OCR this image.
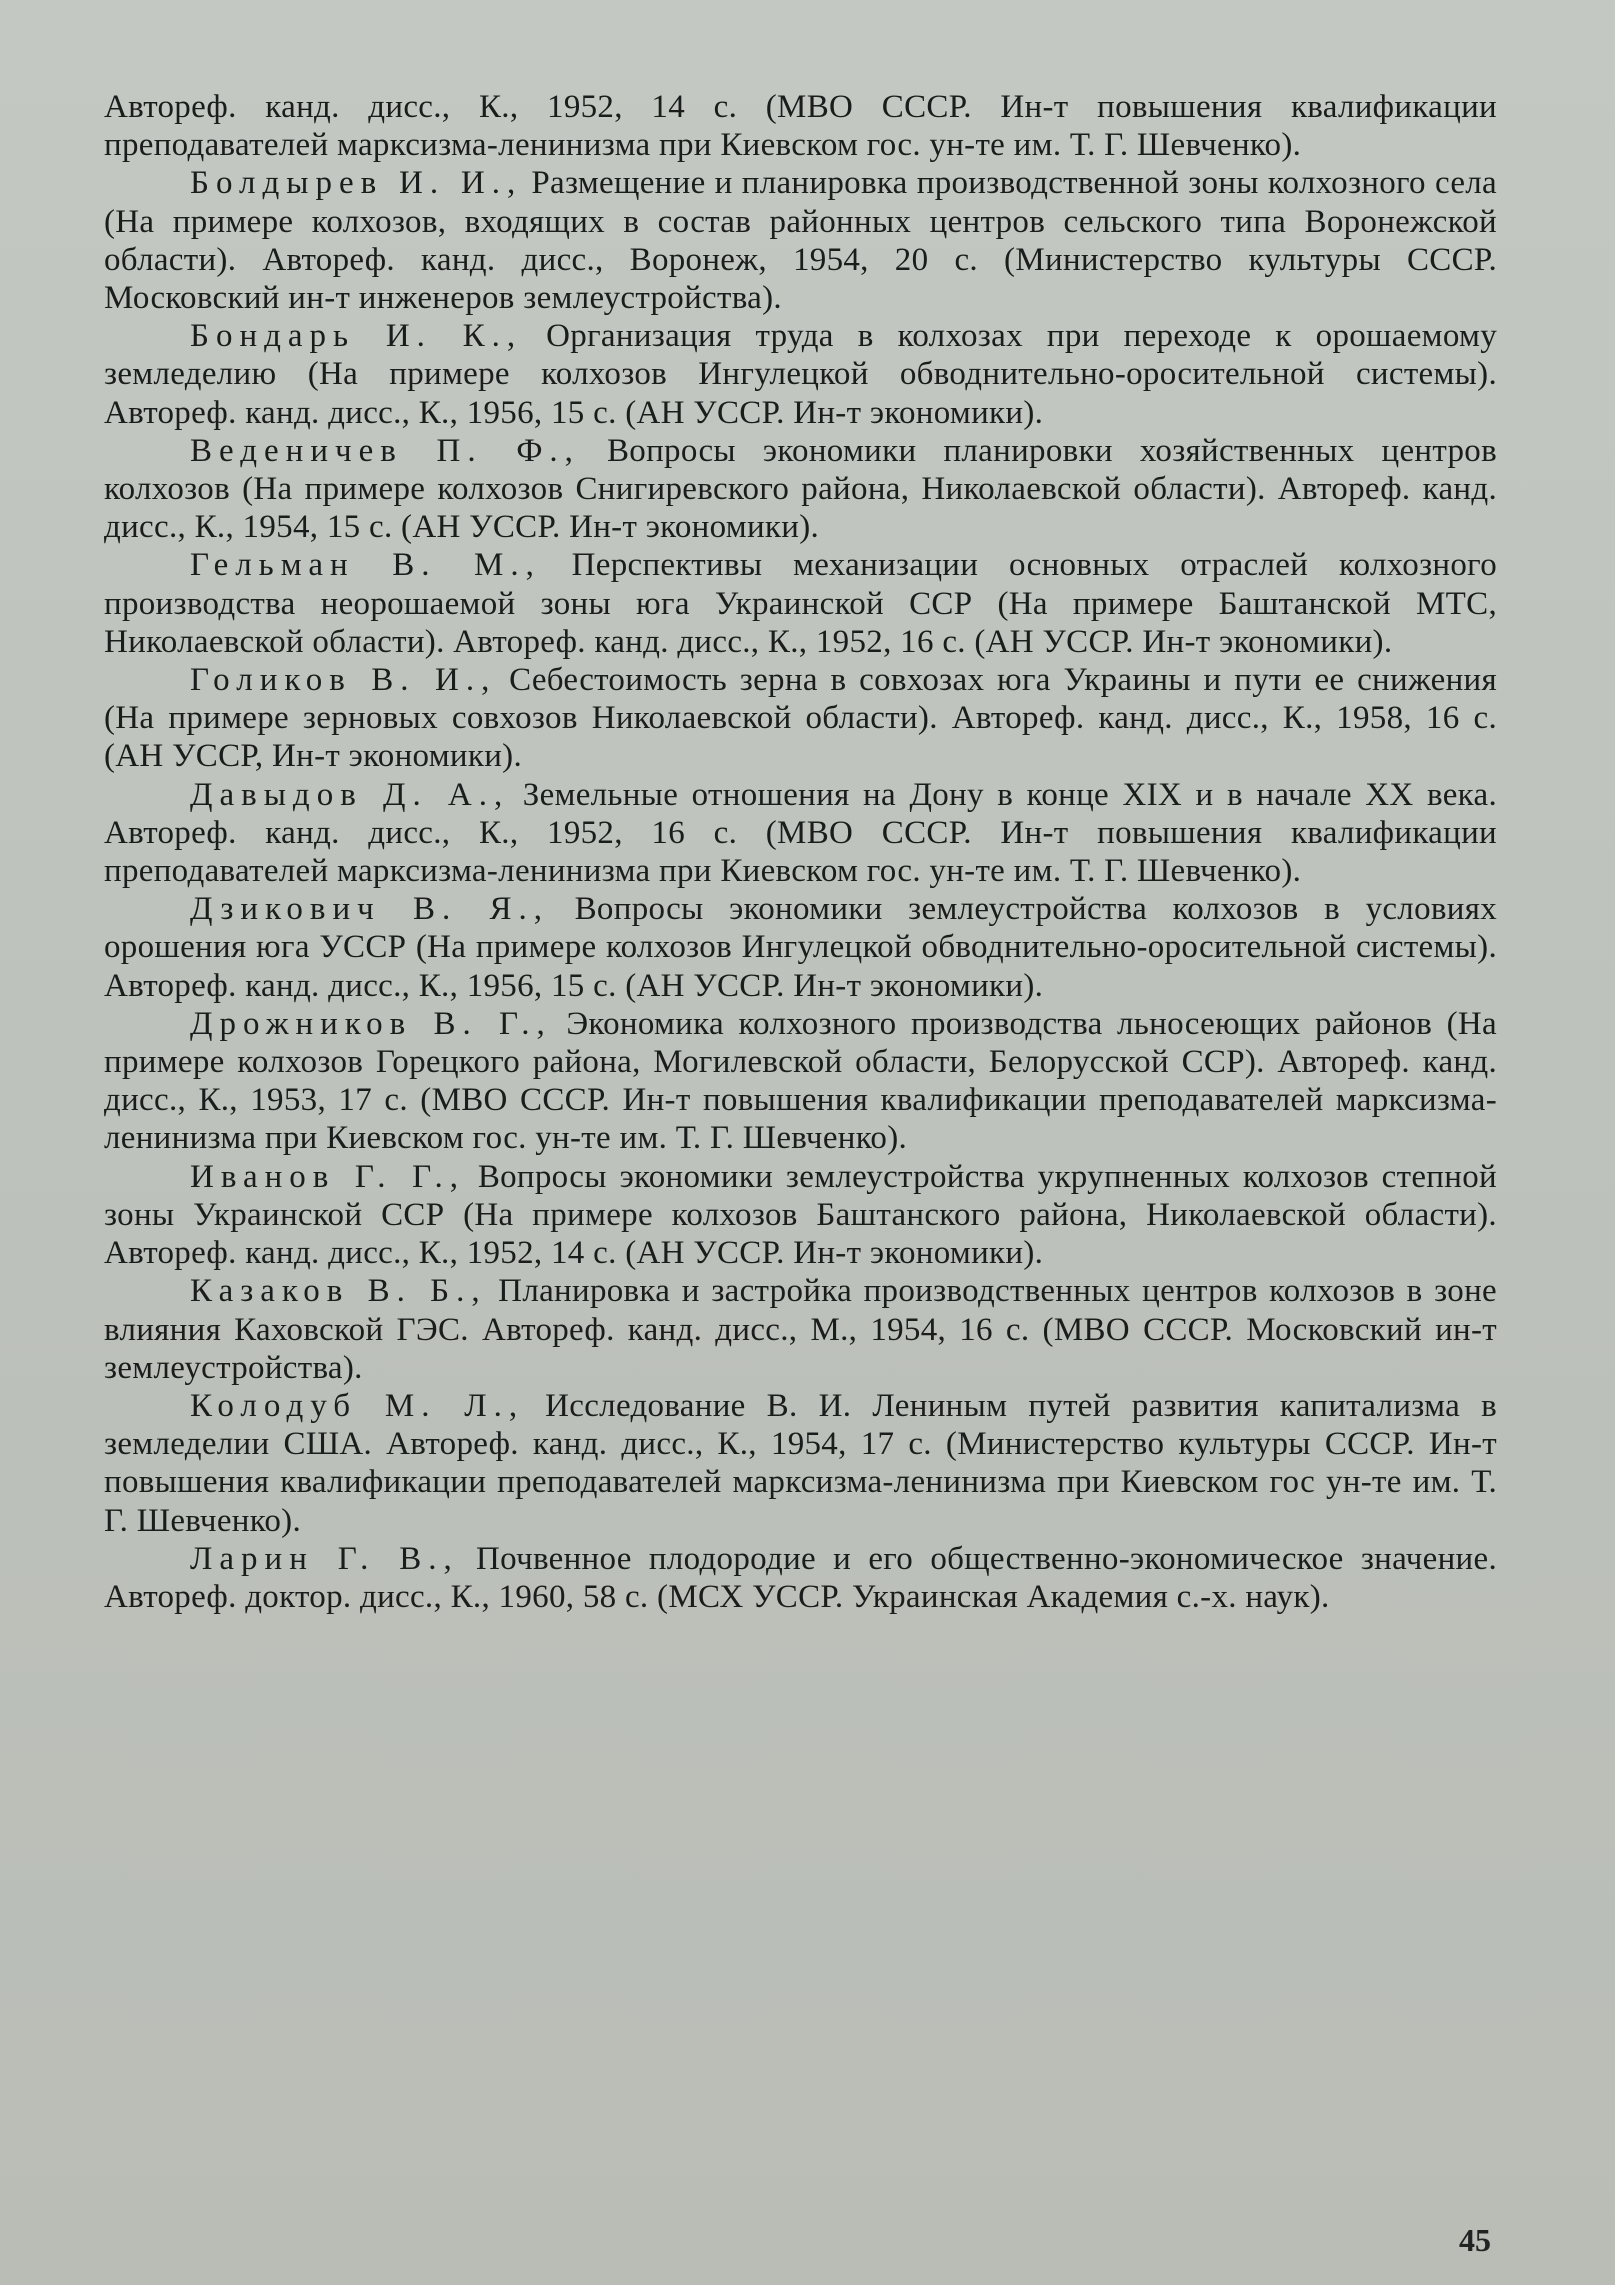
Автореф. канд. дисс., К., 1952, 14 с. (МВО СССР. Ин-т повышения квалификации преподавателей марксизма-ленинизма при Киевском гос. ун-те им. Т. Г. Шевченко).

Болдырев И. И., Размещение и планировка производственной зоны колхозного села (На примере колхозов, входящих в состав районных центров сельского типа Воронежской области). Автореф. канд. дисс., Воронеж, 1954, 20 с. (Министерство культуры СССР. Московский ин-т инженеров землеустройства).

Бондарь И. К., Организация труда в колхозах при переходе к орошаемому земледелию (На примере колхозов Ингулецкой обводнительно-оросительной системы). Автореф. канд. дисс., К., 1956, 15 с. (АН УССР. Ин-т экономики).

Веденичев П. Ф., Вопросы экономики планировки хозяйственных центров колхозов (На примере колхозов Снигиревского района, Николаевской области). Автореф. канд. дисс., К., 1954, 15 с. (АН УССР. Ин-т экономики).

Гельман В. М., Перспективы механизации основных отраслей колхозного производства неорошаемой зоны юга Украинской ССР (На примере Баштанской МТС, Николаевской области). Автореф. канд. дисс., К., 1952, 16 с. (АН УССР. Ин-т экономики).

Голиков В. И., Себестоимость зерна в совхозах юга Украины и пути ее снижения (На примере зерновых совхозов Николаевской области). Автореф. канд. дисс., К., 1958, 16 с. (АН УССР, Ин-т экономики).

Давыдов Д. А., Земельные отношения на Дону в конце XIX и в начале XX века. Автореф. канд. дисс., К., 1952, 16 с. (МВО СССР. Ин-т повышения квалификации преподавателей марксизма-ленинизма при Киевском гос. ун-те им. Т. Г. Шевченко).

Дзикович В. Я., Вопросы экономики землеустройства колхозов в условиях орошения юга УССР (На примере колхозов Ингулецкой обводнительно-оросительной системы). Автореф. канд. дисс., К., 1956, 15 с. (АН УССР. Ин-т экономики).

Дрожников В. Г., Экономика колхозного производства льносеющих районов (На примере колхозов Горецкого района, Могилевской области, Белорусской ССР). Автореф. канд. дисс., К., 1953, 17 с. (МВО СССР. Ин-т повышения квалификации преподавателей марксизма-ленинизма при Киевском гос. ун-те им. Т. Г. Шевченко).

Иванов Г. Г., Вопросы экономики землеустройства укрупненных колхозов степной зоны Украинской ССР (На примере колхозов Баштанского района, Николаевской области). Автореф. канд. дисс., К., 1952, 14 с. (АН УССР. Ин-т экономики).

Казаков В. Б., Планировка и застройка производственных центров колхозов в зоне влияния Каховской ГЭС. Автореф. канд. дисс., М., 1954, 16 с. (МВО СССР. Московский ин-т землеустройства).

Колодуб М. Л., Исследование В. И. Лениным путей развития капитализма в земледелии США. Автореф. канд. дисс., К., 1954, 17 с. (Министерство культуры СССР. Ин-т повышения квалификации преподавателей марксизма-ленинизма при Киевском гос ун-те им. Т. Г. Шевченко).

Ларин Г. В., Почвенное плодородие и его общественно-экономическое значение. Автореф. доктор. дисс., К., 1960, 58 с. (МСХ УССР. Украинская Академия с.-х. наук).

45
